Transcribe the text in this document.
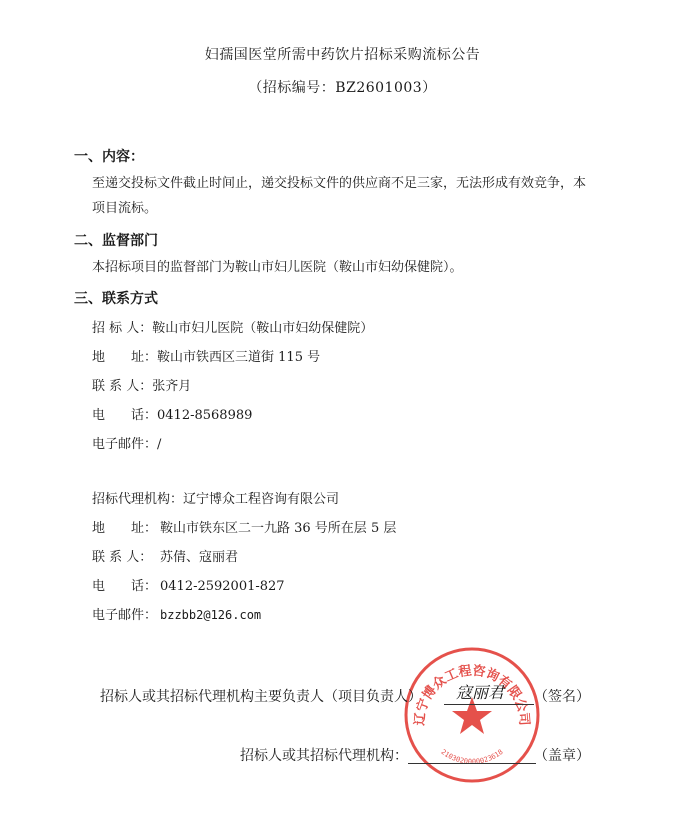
妇孺国医堂所需中药饮片招标采购流标公告
（招标编号：BZ2601003）
一、内容：
至递交投标文件截止时间止，递交投标文件的供应商不足三家，无法形成有效竞争，本
项目流标。
二、监督部门
本招标项目的监督部门为鞍山市妇儿医院（鞍山市妇幼保健院）。
三、联系方式
招 标 人：鞍山市妇儿医院（鞍山市妇幼保健院）
地　　址：鞍山市铁西区三道街 115 号
联 系 人：张齐月
电　　话：0412-8568989
电子邮件：/
招标代理机构：辽宁博众工程咨询有限公司
地　　址： 鞍山市铁东区二一九路 36 号所在层 5 层
联 系 人： 苏倩、寇丽君
电　　话： 0412-2592001-827
电子邮件： bzzbb2@126.com
辽宁博众工程咨询有限公司
2103020000023618
招标人或其招标代理机构主要负责人（项目负责人） 寇丽君 （签名）
招标人或其招标代理机构：	（盖章）
